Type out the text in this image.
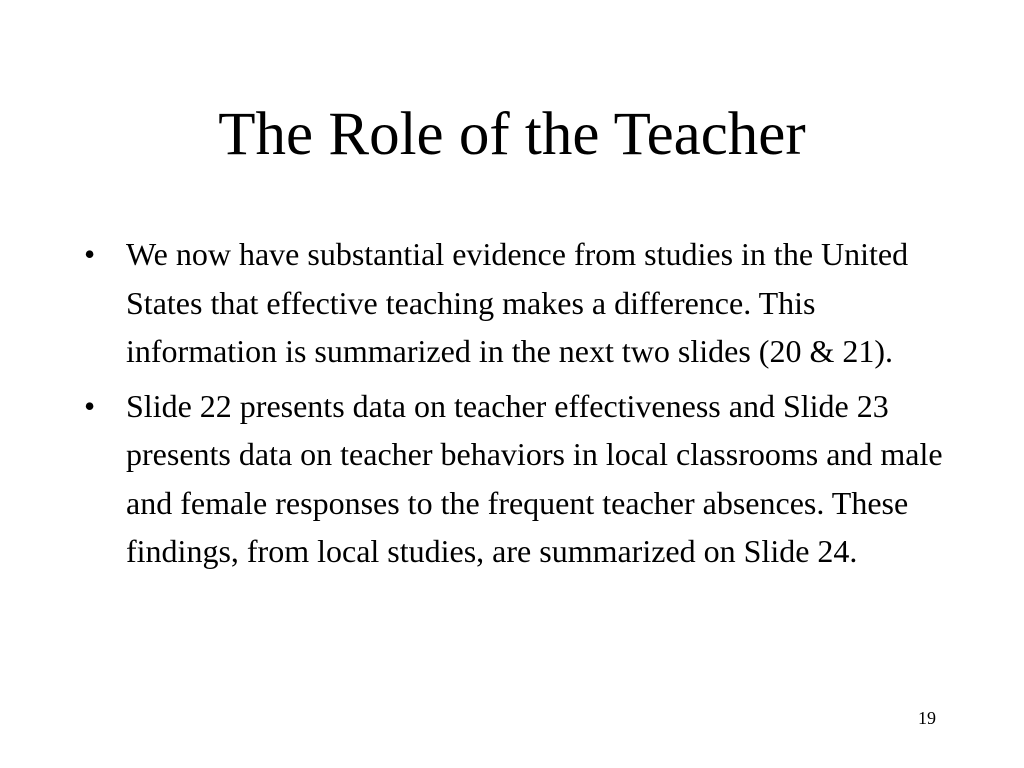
The Role of the Teacher
• We now have substantial evidence from studies in the United States that effective teaching makes a difference. This information is summarized in the next two slides (20 & 21).
• Slide 22 presents data on teacher effectiveness and Slide 23 presents data on teacher behaviors in local classrooms and male and female responses to the frequent teacher absences. These findings, from local studies, are summarized on Slide 24.
19
